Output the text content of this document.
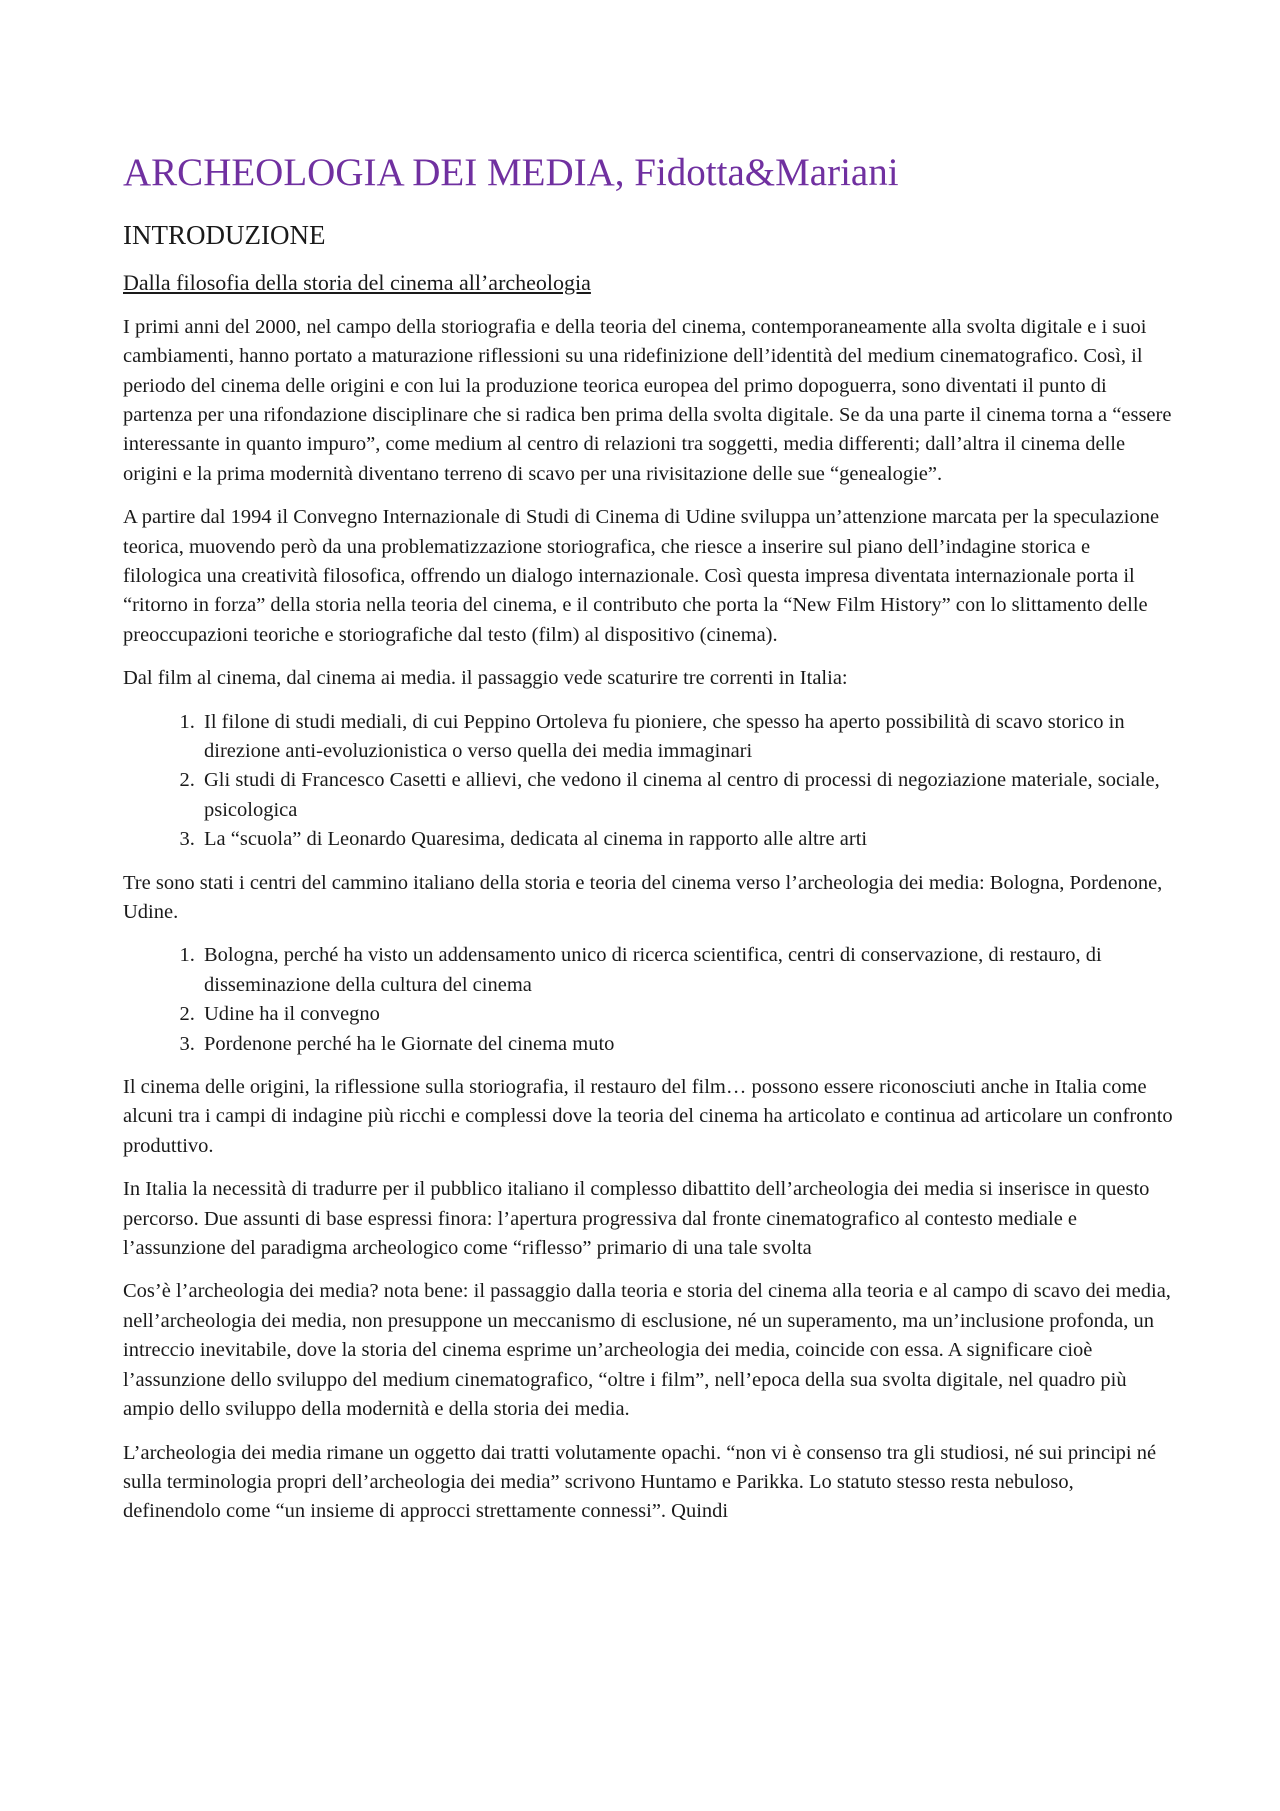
ARCHEOLOGIA DEI MEDIA, Fidotta&Mariani
INTRODUZIONE
Dalla filosofia della storia del cinema all’archeologia

I primi anni del 2000, nel campo della storiografia e della teoria del cinema, contemporaneamente alla svolta digitale e i suoi cambiamenti, hanno portato a maturazione riflessioni su una ridefinizione dell’identità del medium cinematografico. Così, il periodo del cinema delle origini e con lui la produzione teorica europea del primo dopoguerra, sono diventati il punto di partenza per una rifondazione disciplinare che si radica ben prima della svolta digitale. Se da una parte il cinema torna a “essere interessante in quanto impuro”, come medium al centro di relazioni tra soggetti, media differenti; dall’altra il cinema delle origini e la prima modernità diventano terreno di scavo per una rivisitazione delle sue “genealogie”.

A partire dal 1994 il Convegno Internazionale di Studi di Cinema di Udine sviluppa un’attenzione marcata per la speculazione teorica, muovendo però da una problematizzazione storiografica, che riesce a inserire sul piano dell’indagine storica e filologica una creatività filosofica, offrendo un dialogo internazionale. Così questa impresa diventata internazionale porta il “ritorno in forza” della storia nella teoria del cinema, e il contributo che porta la “New Film History” con lo slittamento delle preoccupazioni teoriche e storiografiche dal testo (film) al dispositivo (cinema).

Dal film al cinema, dal cinema ai media. il passaggio vede scaturire tre correnti in Italia:

1. Il filone di studi mediali, di cui Peppino Ortoleva fu pioniere, che spesso ha aperto possibilità di scavo storico in direzione anti-evoluzionistica o verso quella dei media immaginari
2. Gli studi di Francesco Casetti e allievi, che vedono il cinema al centro di processi di negoziazione materiale, sociale, psicologica
3. La “scuola” di Leonardo Quaresima, dedicata al cinema in rapporto alle altre arti

Tre sono stati i centri del cammino italiano della storia e teoria del cinema verso l’archeologia dei media: Bologna, Pordenone, Udine.

1. Bologna, perché ha visto un addensamento unico di ricerca scientifica, centri di conservazione, di restauro, di disseminazione della cultura del cinema
2. Udine ha il convegno
3. Pordenone perché ha le Giornate del cinema muto

Il cinema delle origini, la riflessione sulla storiografia, il restauro del film… possono essere riconosciuti anche in Italia come alcuni tra i campi di indagine più ricchi e complessi dove la teoria del cinema ha articolato e continua ad articolare un confronto produttivo.

In Italia la necessità di tradurre per il pubblico italiano il complesso dibattito dell’archeologia dei media si inserisce in questo percorso. Due assunti di base espressi finora: l’apertura progressiva dal fronte cinematografico al contesto mediale e l’assunzione del paradigma archeologico come “riflesso” primario di una tale svolta

Cos’è l’archeologia dei media? nota bene: il passaggio dalla teoria e storia del cinema alla teoria e al campo di scavo dei media, nell’archeologia dei media, non presuppone un meccanismo di esclusione, né un superamento, ma un’inclusione profonda, un intreccio inevitabile, dove la storia del cinema esprime un’archeologia dei media, coincide con essa. A significare cioè l’assunzione dello sviluppo del medium cinematografico, “oltre i film”, nell’epoca della sua svolta digitale, nel quadro più ampio dello sviluppo della modernità e della storia dei media.

L’archeologia dei media rimane un oggetto dai tratti volutamente opachi. “non vi è consenso tra gli studiosi, né sui principi né sulla terminologia propri dell’archeologia dei media” scrivono Huntamo e Parikka. Lo statuto stesso resta nebuloso, definendolo come “un insieme di approcci strettamente connessi”. Quindi
